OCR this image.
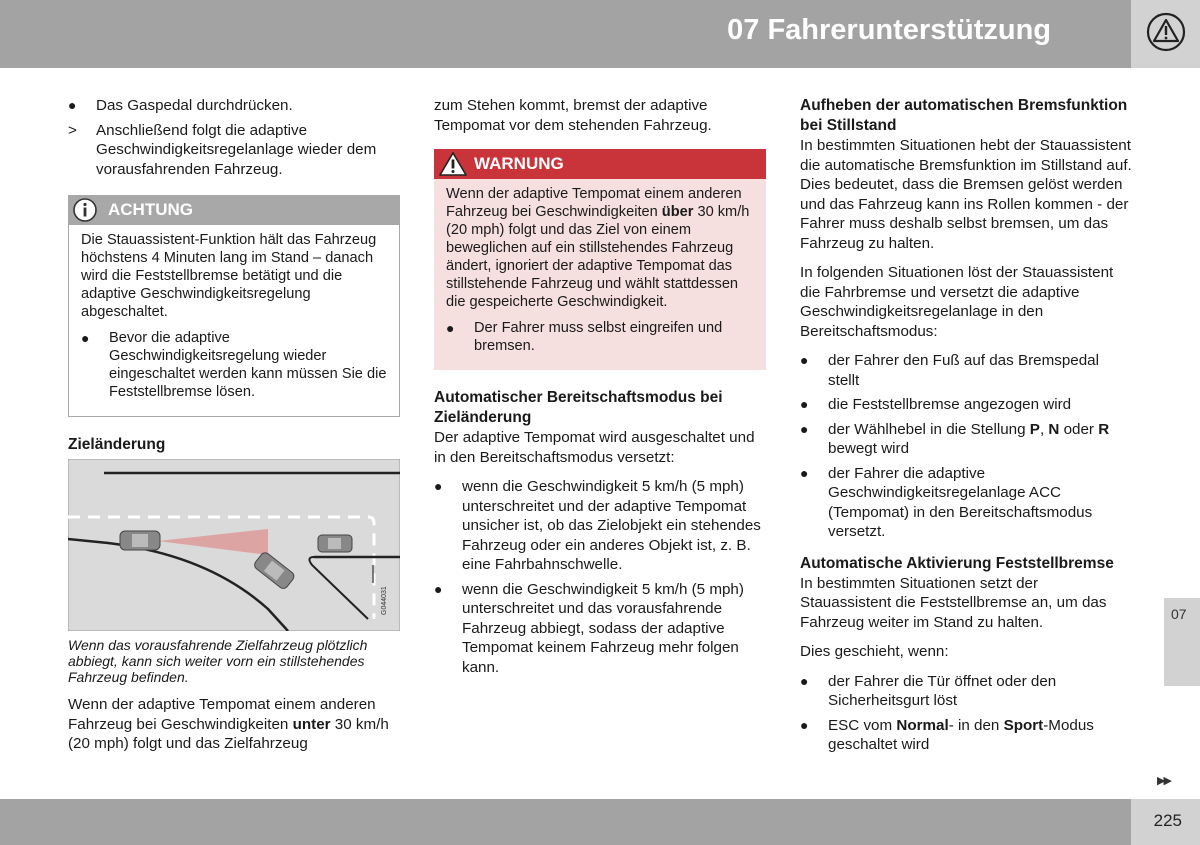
07 Fahrerunterstützung
● Das Gaspedal durchdrücken.
> Anschließend folgt die adaptive Geschwindigkeitsregelanlage wieder dem vorausfahrenden Fahrzeug.
ACHTUNG

Die Stauassistent-Funktion hält das Fahrzeug höchstens 4 Minuten lang im Stand – danach wird die Feststellbremse betätigt und die adaptive Geschwindigkeitsregelung abgeschaltet.

● Bevor die adaptive Geschwindigkeitsregelung wieder eingeschaltet werden kann müssen Sie die Feststellbremse lösen.
Zieländerung
G044031
Wenn das vorausfahrende Zielfahrzeug plötzlich abbiegt, kann sich weiter vorn ein stillstehendes Fahrzeug befinden.

Wenn der adaptive Tempomat einem anderen Fahrzeug bei Geschwindigkeiten unter 30 km/h (20 mph) folgt und das Zielfahrzeug

zum Stehen kommt, bremst der adaptive Tempomat vor dem stehenden Fahrzeug.

WARNUNG

Wenn der adaptive Tempomat einem anderen Fahrzeug bei Geschwindigkeiten über 30 km/h (20 mph) folgt und das Ziel von einem beweglichen auf ein stillstehendes Fahrzeug ändert, ignoriert der adaptive Tempomat das stillstehende Fahrzeug und wählt stattdessen die gespeicherte Geschwindigkeit.

● Der Fahrer muss selbst eingreifen und bremsen.
Automatischer Bereitschaftsmodus bei Zieländerung

Der adaptive Tempomat wird ausgeschaltet und in den Bereitschaftsmodus versetzt:

● wenn die Geschwindigkeit 5 km/h (5 mph) unterschreitet und der adaptive Tempomat unsicher ist, ob das Zielobjekt ein stehendes Fahrzeug oder ein anderes Objekt ist, z. B. eine Fahrbahnschwelle.
● wenn die Geschwindigkeit 5 km/h (5 mph) unterschreitet und das vorausfahrende Fahrzeug abbiegt, sodass der adaptive Tempomat keinem Fahrzeug mehr folgen kann.
Aufheben der automatischen Bremsfunktion bei Stillstand

In bestimmten Situationen hebt der Stauassistent die automatische Bremsfunktion im Stillstand auf. Dies bedeutet, dass die Bremsen gelöst werden und das Fahrzeug kann ins Rollen kommen - der Fahrer muss deshalb selbst bremsen, um das Fahrzeug zu halten.

In folgenden Situationen löst der Stauassistent die Fahrbremse und versetzt die adaptive Geschwindigkeitsregelanlage in den Bereitschaftsmodus:

● der Fahrer den Fuß auf das Bremspedal stellt
● die Feststellbremse angezogen wird
● der Wählhebel in die Stellung P, N oder R bewegt wird
● der Fahrer die adaptive Geschwindigkeitsregelanlage ACC (Tempomat) in den Bereitschaftsmodus versetzt.
Automatische Aktivierung Feststellbremse

In bestimmten Situationen setzt der Stauassistent die Feststellbremse an, um das Fahrzeug weiter im Stand zu halten.

Dies geschieht, wenn:

● der Fahrer die Tür öffnet oder den Sicherheitsgurt löst
● ESC vom Normal- in den Sport-Modus geschaltet wird
07
▶▶
225
